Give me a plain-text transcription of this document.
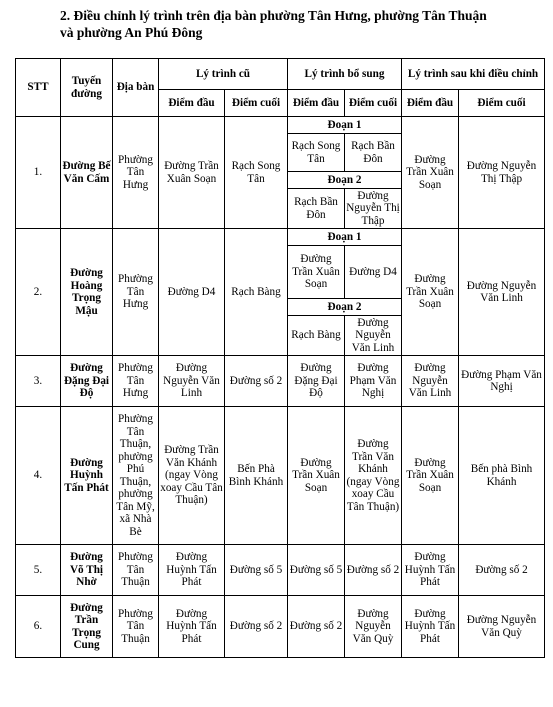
2. Điều chỉnh lý trình trên địa bàn phường Tân Hưng, phường Tân Thuận
và phường An Phú Đông
STT	Tuyến đường	Địa bàn	Lý trình cũ		Lý trình bổ sung		Lý trình sau khi điều chỉnh	
			Điểm đầu	Điểm cuối	Điểm đầu	Điểm cuối	Điểm đầu	Điểm cuối
1.	Đường Bế Văn Cấm	Phường Tân Hưng	Đường Trần Xuân Soạn	Rạch Song Tân	Đoạn 1		Đường Trần Xuân Soạn	Đường Nguyễn Thị Thập
					Rạch Song Tân	Rạch Bần Đôn		
					Đoạn 2			
					Rạch Bần Đôn	Đường Nguyễn Thị Thập		
2.	Đường Hoàng Trọng Mậu	Phường Tân Hưng	Đường D4	Rạch Bàng	Đoạn 1		Đường Trần Xuân Soạn	Đường Nguyễn Văn Linh
					Đường Trần Xuân Soạn	Đường D4		
					Đoạn 2			
					Rạch Bàng	Đường Nguyễn Văn Linh		
3.	Đường Đặng Đại Độ	Phường Tân Hưng	Đường Nguyễn Văn Linh	Đường số 2	Đường Đặng Đại Độ	Đường Phạm Văn Nghị	Đường Nguyễn Văn Linh	Đường Phạm Văn Nghị
4.	Đường Huỳnh Tấn Phát	Phường Tân Thuận, phường Phú Thuận, phường Tân Mỹ, xã Nhà Bè	Đường Trần Văn Khánh (ngay Vòng xoay Cầu Tân Thuận)	Bến Phà Bình Khánh	Đường Trần Xuân Soạn	Đường Trần Văn Khánh (ngay Vòng xoay Cầu Tân Thuận)	Đường Trần Xuân Soạn	Bến phà Bình Khánh
5.	Đường Võ Thị Nhờ	Phường Tân Thuận	Đường Huỳnh Tấn Phát	Đường số 5	Đường số 5	Đường số 2	Đường Huỳnh Tấn Phát	Đường số 2
6.	Đường Trần Trọng Cung	Phường Tân Thuận	Đường Huỳnh Tấn Phát	Đường số 2	Đường số 2	Đường Nguyễn Văn Quỳ	Đường Huỳnh Tấn Phát	Đường Nguyễn Văn Quỳ
